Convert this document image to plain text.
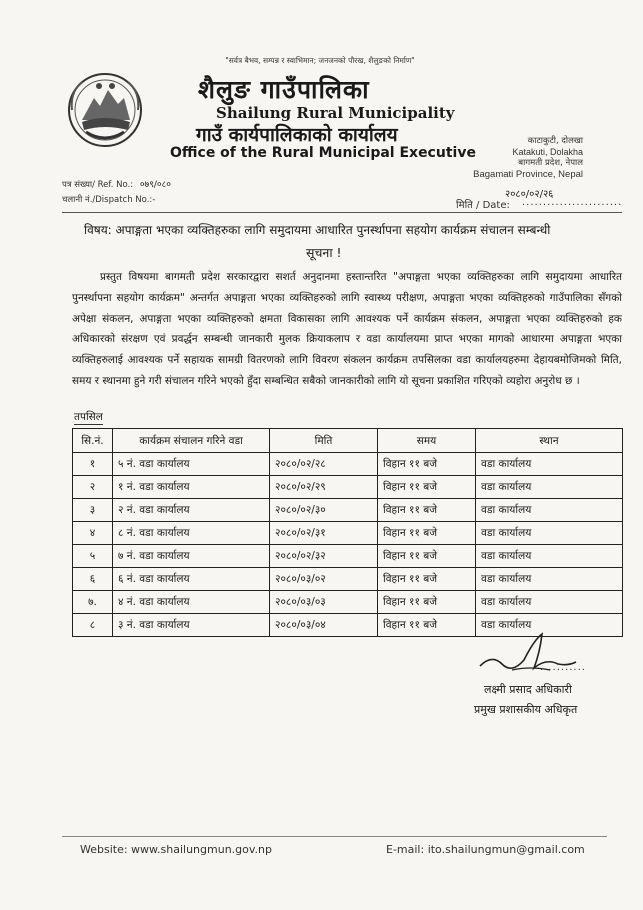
"सर्वत्र बैभव, सम्पन्न र स्वाभिमान; जनजनको पौरख, शैलुङको निर्माण"
शैलुङ गाउँपालिका
Shailung Rural Municipality
गाउँ कार्यपालिकाको कार्यालय
Office of the Rural Municipal Executive
काटाकुटी, दोलखा
Katakuti, Dolakha
बागमती प्रदेश, नेपाल
Bagamati Province, Nepal
पत्र संख्या/ Ref. No.: ०७९/०८०
चलानी नं./Dispatch No.:-	२०८०/०२/२६
मिति / Date: ........................
विषय: अपाङ्गता भएका व्यक्तिहरुका लागि समुदायमा आधारित पुनर्स्थापना सहयोग कार्यक्रम संचालन सम्बन्धी
सूचना !
प्रस्तुत विषयमा बागमती प्रदेश सरकारद्वारा सशर्त अनुदानमा हस्तान्तरित "अपाङ्गता भएका व्यक्तिहरुका लागि समुदायमा आधारित पुनर्स्थापना सहयोग कार्यक्रम" अन्तर्गत अपाङ्गता भएका व्यक्तिहरुको लागि स्वास्थ्य परीक्षण, अपाङ्गता भएका व्यक्तिहरुको गाउँपालिका सँगको अपेक्षा संकलन, अपाङ्गता भएका व्यक्तिहरुको क्षमता विकासका लागि आवश्यक पर्ने कार्यक्रम संकलन, अपाङ्गता भएका व्यक्तिहरुको हक अधिकारको संरक्षण एवं प्रवर्द्धन सम्बन्धी जानकारी मुलक क्रियाकलाप र वडा कार्यालयमा प्राप्त भएका मागको आधारमा अपाङ्गता भएका व्यक्तिहरुलाई आवश्यक पर्ने सहायक सामग्री वितरणको लागि विवरण संकलन कार्यक्रम तपसिलका वडा कार्यालयहरुमा देहायबमोजिमको मिति, समय र स्थानमा हुने गरी संचालन गरिने भएको हुँदा सम्बन्धित सबैको जानकारीको लागि यो सूचना प्रकाशित गरिएको व्यहोरा अनुरोध छ ।
तपसिल
सि.नं.	कार्यक्रम संचालन गरिने वडा	मिति	समय	स्थान
१	५ नं. वडा कार्यालय	२०८०/०२/२८	विहान ११ बजे	वडा कार्यालय
२	१ नं. वडा कार्यालय	२०८०/०२/२९	विहान ११ बजे	वडा कार्यालय
३	२ नं. वडा कार्यालय	२०८०/०२/३०	विहान ११ बजे	वडा कार्यालय
४	८ नं. वडा कार्यालय	२०८०/०२/३१	विहान ११ बजे	वडा कार्यालय
५	७ नं. वडा कार्यालय	२०८०/०२/३२	विहान ११ बजे	वडा कार्यालय
६	६ नं. वडा कार्यालय	२०८०/०३/०२	विहान ११ बजे	वडा कार्यालय
७.	४ नं. वडा कार्यालय	२०८०/०३/०३	विहान ११ बजे	वडा कार्यालय
८	३ नं. वडा कार्यालय	२०८०/०३/०४	विहान ११ बजे	वडा कार्यालय
...........
लक्ष्मी प्रसाद अधिकारी
प्रमुख प्रशासकीय अधिकृत
Website: www.shailungmun.gov.np	E-mail: ito.shailungmun@gmail.com
